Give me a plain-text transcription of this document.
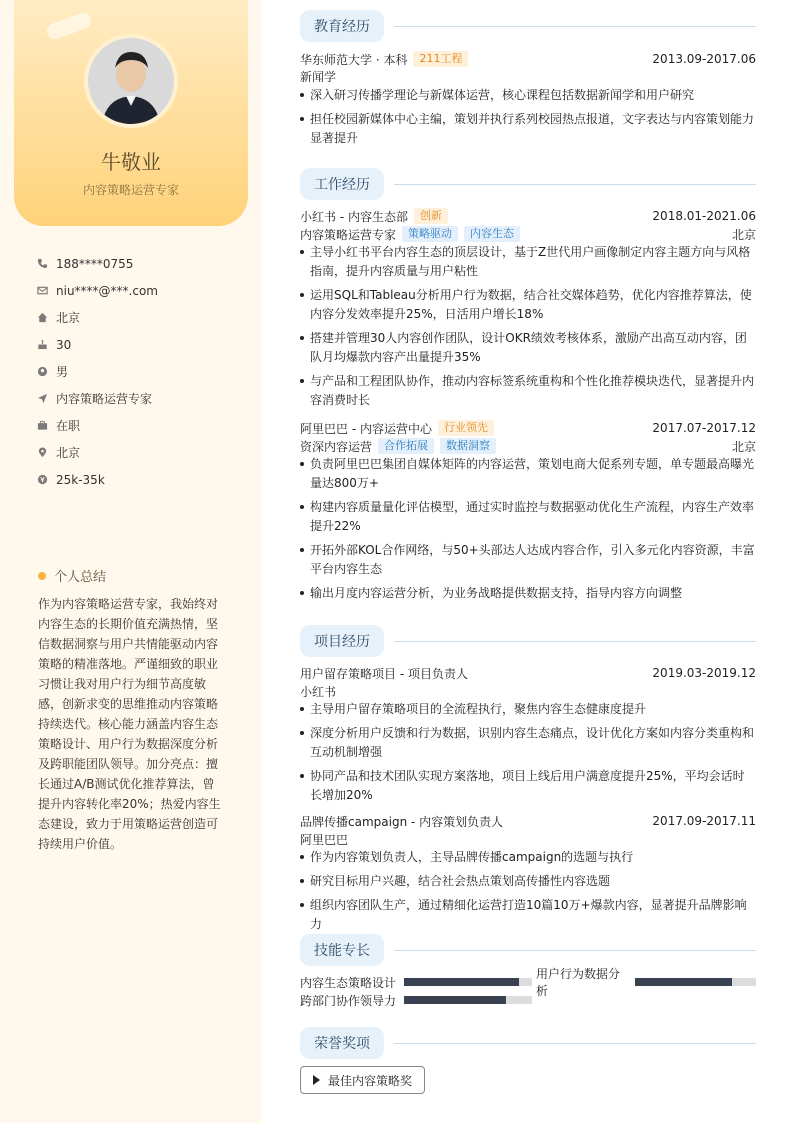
牛敬业
内容策略运营专家
188****0755
niu****@***.com
北京
30
男
内容策略运营专家
在职
北京
25k-35k
个人总结
作为内容策略运营专家，我始终对内容生态的长期价值充满热情，坚信数据洞察与用户共情能驱动内容策略的精准落地。严谨细致的职业习惯让我对用户行为细节高度敏感，创新求变的思维推动内容策略持续迭代。核心能力涵盖内容生态策略设计、用户行为数据深度分析及跨职能团队领导。加分亮点：擅长通过A/B测试优化推荐算法，曾提升内容转化率20%；热爱内容生态建设，致力于用策略运营创造可持续用户价值。
教育经历
华东师范大学 · 本科	211工程	2013.09-2017.06
新闻学
深入研习传播学理论与新媒体运营，核心课程包括数据新闻学和用户研究
担任校园新媒体中心主编，策划并执行系列校园热点报道，文字表达与内容策划能力显著提升
工作经历
小红书 - 内容生态部	创新	2018.01-2021.06
内容策略运营专家	策略驱动	内容生态	北京
主导小红书平台内容生态的顶层设计，基于Z世代用户画像制定内容主题方向与风格指南，提升内容质量与用户粘性
运用SQL和Tableau分析用户行为数据，结合社交媒体趋势，优化内容推荐算法，使内容分发效率提升25%，日活用户增长18%
搭建并管理30人内容创作团队，设计OKR绩效考核体系，激励产出高互动内容，团队月均爆款内容产出量提升35%
与产品和工程团队协作，推动内容标签系统重构和个性化推荐模块迭代，显著提升内容消费时长
阿里巴巴 - 内容运营中心	行业领先	2017.07-2017.12
资深内容运营	合作拓展	数据洞察	北京
负责阿里巴巴集团自媒体矩阵的内容运营，策划电商大促系列专题，单专题最高曝光量达800万+
构建内容质量量化评估模型，通过实时监控与数据驱动优化生产流程，内容生产效率提升22%
开拓外部KOL合作网络，与50+头部达人达成内容合作，引入多元化内容资源，丰富平台内容生态
输出月度内容运营分析，为业务战略提供数据支持，指导内容方向调整
项目经历
用户留存策略项目 - 项目负责人	2019.03-2019.12
小红书
主导用户留存策略项目的全流程执行，聚焦内容生态健康度提升
深度分析用户反馈和行为数据，识别内容生态痛点，设计优化方案如内容分类重构和互动机制增强
协同产品和技术团队实现方案落地，项目上线后用户满意度提升25%，平均会话时长增加20%
品牌传播campaign - 内容策划负责人	2017.09-2017.11
阿里巴巴
作为内容策划负责人，主导品牌传播campaign的选题与执行
研究目标用户兴趣，结合社会热点策划高传播性内容选题
组织内容团队生产，通过精细化运营打造10篇10万+爆款内容，显著提升品牌影响力
技能专长
内容生态策略设计
用户行为数据分析
跨部门协作领导力
荣誉奖项
最佳内容策略奖
